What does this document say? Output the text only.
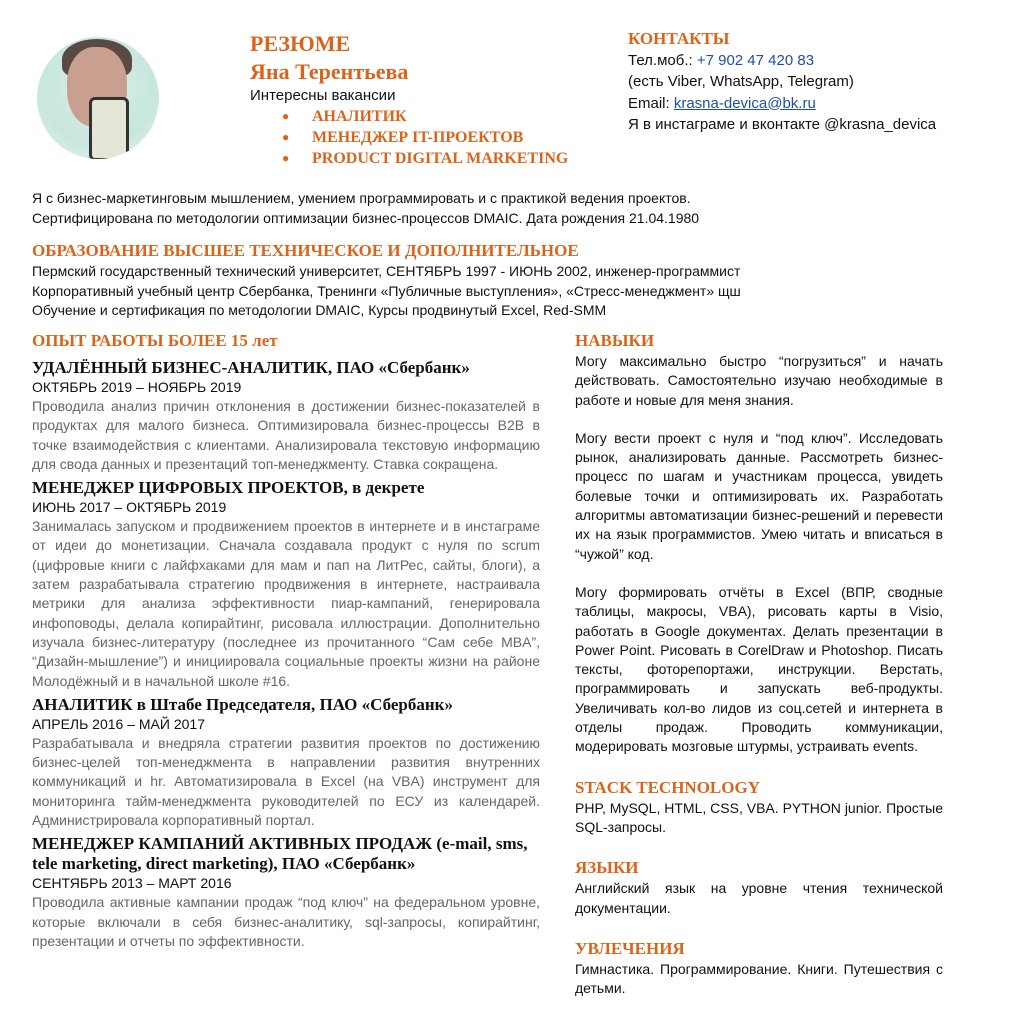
РЕЗЮМЕ
Яна Терентьева
Интересны вакансии
● АНАЛИТИК
● МЕНЕДЖЕР IT-ПРОЕКТОВ
● PRODUCT DIGITAL MARKETING
КОНТАКТЫ
Тел.моб.: +7 902 47 420 83
(есть Viber, WhatsApp, Telegram)
Email: krasna-devica@bk.ru
Я в инстаграме и вконтакте @krasna_devica
Я с бизнес-маркетинговым мышлением, умением программировать и с практикой ведения проектов.
Сертифицирована по методологии оптимизации бизнес-процессов DMAIC. Дата рождения 21.04.1980
ОБРАЗОВАНИЕ ВЫСШЕЕ ТЕХНИЧЕСКОЕ И ДОПОЛНИТЕЛЬНОЕ
Пермский государственный технический университет, СЕНТЯБРЬ 1997 - ИЮНЬ 2002, инженер-программист
Корпоративный учебный центр Сбербанка, Тренинги «Публичные выступления», «Стресс-менеджмент» щш
Обучение и сертификация по методологии DMAIC, Курсы продвинутый Excel, Red-SMM
ОПЫТ РАБОТЫ БОЛЕЕ 15 лет
УДАЛЁННЫЙ БИЗНЕС-АНАЛИТИК, ПАО «Сбербанк»
ОКТЯБРЬ 2019 – НОЯБРЬ 2019
Проводила анализ причин отклонения в достижении бизнес-показателей в продуктах для малого бизнеса. Оптимизировала бизнес-процессы B2B в точке взаимодействия с клиентами. Анализировала текстовую информацию для свода данных и презентаций топ-менеджменту. Ставка сокращена.
МЕНЕДЖЕР ЦИФРОВЫХ ПРОЕКТОВ, в декрете
ИЮНЬ 2017 – ОКТЯБРЬ 2019
Занималась запуском и продвижением проектов в интернете и в инстаграме от идеи до монетизации. Сначала создавала продукт с нуля по scrum (цифровые книги с лайфхаками для мам и пап на ЛитРес, сайты, блоги), а затем разрабатывала стратегию продвижения в интернете, настраивала метрики для анализа эффективности пиар-кампаний, генерировала инфоповоды, делала копирайтинг, рисовала иллюстрации. Дополнительно изучала бизнес-литературу (последнее из прочитанного “Сам себе MBA”, “Дизайн-мышление”) и инициировала социальные проекты жизни на районе Молодёжный и в начальной школе #16.
АНАЛИТИК в Штабе Председателя, ПАО «Сбербанк»
АПРЕЛЬ 2016 – МАЙ 2017
Разрабатывала и внедряла стратегии развития проектов по достижению бизнес-целей топ-менеджмента в направлении развития внутренних коммуникаций и hr. Автоматизировала в Excel (на VBA) инструмент для мониторинга тайм-менеджмента руководителей по ЕСУ из календарей. Администрировала корпоративный портал.
МЕНЕДЖЕР КАМПАНИЙ АКТИВНЫХ ПРОДАЖ (e-mail, sms, tele marketing, direct marketing), ПАО «Сбербанк»
СЕНТЯБРЬ 2013 – МАРТ 2016
Проводила активные кампании продаж “под ключ” на федеральном уровне, которые включали в себя бизнес-аналитику, sql-запросы, копирайтинг, презентации и отчеты по эффективности.
НАВЫКИ
Могу максимально быстро “погрузиться” и начать действовать. Самостоятельно изучаю необходимые в работе и новые для меня знания.
Могу вести проект с нуля и “под ключ”. Исследовать рынок, анализировать данные. Рассмотреть бизнес-процесс по шагам и участникам процесса, увидеть болевые точки и оптимизировать их. Разработать алгоритмы автоматизации бизнес-решений и перевести их на язык программистов. Умею читать и вписаться в “чужой” код.
Могу формировать отчёты в Excel (ВПР, сводные таблицы, макросы, VBA), рисовать карты в Visio, работать в Google документах. Делать презентации в Power Point. Рисовать в CorelDraw и Photoshop. Писать тексты, фоторепортажи, инструкции. Верстать, программировать и запускать веб-продукты. Увеличивать кол-во лидов из соц.сетей и интернета в отделы продаж. Проводить коммуникации, модерировать мозговые штурмы, устраивать events.
STACK TECHNOLOGY
PHP, MySQL, HTML, CSS, VBA. PYTHON junior. Простые SQL-запросы.
ЯЗЫКИ
Английский язык на уровне чтения технической документации.
УВЛЕЧЕНИЯ
Гимнастика. Программирование. Книги. Путешествия с детьми.
